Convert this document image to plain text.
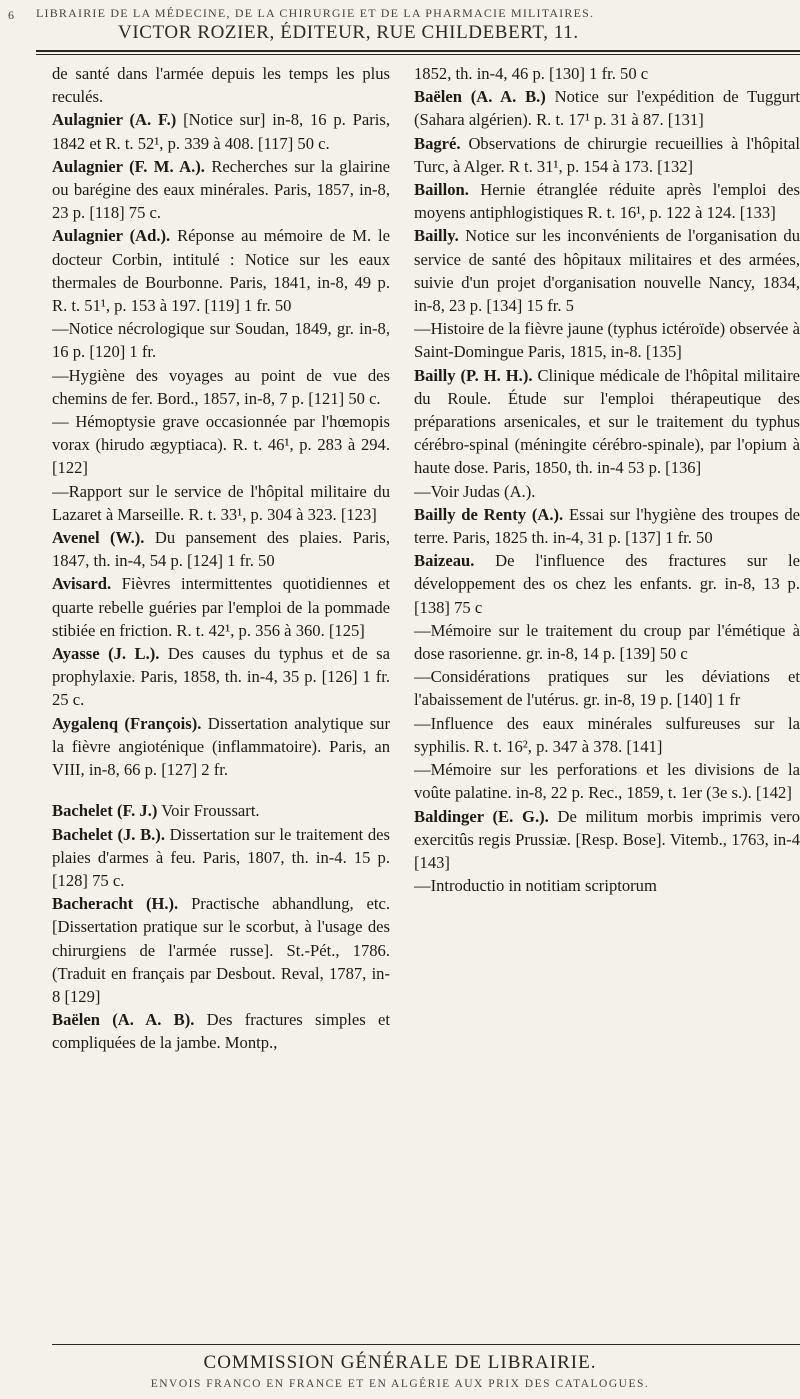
6 LIBRAIRIE DE LA MÉDECINE, DE LA CHIRURGIE ET DE LA PHARMACIE MILITAIRES.
VICTOR ROZIER, ÉDITEUR, RUE CHILDEBERT, 11.

de santé dans l'armée depuis les temps les plus reculés.

Aulagnier (A. F.) [Notice sur] in-8, 16 p. Paris, 1842 et R. t. 52¹, p. 339 à 408. [117] 50 c.

Aulagnier (F. M. A.). Recherches sur la glairine ou barégine des eaux minérales. Paris, 1857, in-8, 23 p. [118] 75 c.

Aulagnier (Ad.). Réponse au mémoire de M. le docteur Corbin, intitulé : Notice sur les eaux thermales de Bourbonne. Paris, 1841, in-8, 49 p. R. t. 51¹, p. 153 à 197. [119] 1 fr. 50

—Notice nécrologique sur Soudan, 1849, gr. in-8, 16 p. [120] 1 fr.

—Hygiène des voyages au point de vue des chemins de fer. Bord., 1857, in-8, 7 p. [121] 50 c.

— Hémoptysie grave occasionnée par l'hœmopis vorax (hirudo ægyptiaca). R. t. 46¹, p. 283 à 294. [122]

—Rapport sur le service de l'hôpital militaire du Lazaret à Marseille. R. t. 33¹, p. 304 à 323. [123]

Avenel (W.). Du pansement des plaies. Paris, 1847, th. in-4, 54 p. [124] 1 fr. 50

Avisard. Fièvres intermittentes quotidiennes et quarte rebelle guéries par l'emploi de la pommade stibiée en friction. R. t. 42¹, p. 356 à 360. [125]

Ayasse (J. L.). Des causes du typhus et de sa prophylaxie. Paris, 1858, th. in-4, 35 p. [126] 1 fr. 25 c.

Aygalenq (François). Dissertation analytique sur la fièvre angioténique (inflammatoire). Paris, an VIII, in-8, 66 p. [127] 2 fr.

Bachelet (F. J.) Voir Froussart.

Bachelet (J. B.). Dissertation sur le traitement des plaies d'armes à feu. Paris, 1807, th. in-4. 15 p. [128] 75 c.

Bacheracht (H.). Practische abhandlung, etc. [Dissertation pratique sur le scorbut, à l'usage des chirurgiens de l'armée russe]. St.-Pét., 1786. (Traduit en français par Desbout. Reval, 1787, in-8 [129]

Baëlen (A. A. B). Des fractures simples et compliquées de la jambe. Montp.,

1852, th. in-4, 46 p. [130] 1 fr. 50 c

Baëlen (A. A. B.) Notice sur l'expédition de Tuggurt (Sahara algérien). R. t. 17¹ p. 31 à 87. [131]

Bagré. Observations de chirurgie recueillies à l'hôpital Turc, à Alger. R t. 31¹, p. 154 à 173. [132]

Baillon. Hernie étranglée réduite après l'emploi des moyens antiphlogistiques R. t. 16¹, p. 122 à 124. [133]

Bailly. Notice sur les inconvénients de l'organisation du service de santé des hôpitaux militaires et des armées, suivie d'un projet d'organisation nouvelle Nancy, 1834, in-8, 23 p. [134] 15 fr. 5

—Histoire de la fièvre jaune (typhus ictéroïde) observée à Saint-Domingue Paris, 1815, in-8. [135]

Bailly (P. H. H.). Clinique médicale de l'hôpital militaire du Roule. Étude sur l'emploi thérapeutique des préparations arsenicales, et sur le traitement du typhus cérébro-spinal (méningite cérébro-spinale), par l'opium à haute dose. Paris, 1850, th. in-4 53 p. [136]

—Voir Judas (A.).

Bailly de Renty (A.). Essai sur l'hygiène des troupes de terre. Paris, 1825 th. in-4, 31 p. [137] 1 fr. 50

Baizeau. De l'influence des fractures sur le développement des os chez les enfants. gr. in-8, 13 p. [138] 75 c

—Mémoire sur le traitement du croup par l'émétique à dose rasorienne. gr. in-8, 14 p. [139] 50 c

—Considérations pratiques sur les déviations et l'abaissement de l'utérus. gr. in-8, 19 p. [140] 1 fr

—Influence des eaux minérales sulfureuses sur la syphilis. R. t. 16², p. 347 à 378. [141]

—Mémoire sur les perforations et les divisions de la voûte palatine. in-8, 22 p. Rec., 1859, t. 1er (3e s.). [142]

Baldinger (E. G.). De militum morbis imprimis vero exercitûs regis Prussiæ. [Resp. Bose]. Vitemb., 1763, in-4 [143]

—Introductio in notitiam scriptorum

COMMISSION GÉNÉRALE DE LIBRAIRIE.
ENVOIS FRANCO EN FRANCE ET EN ALGÉRIE AUX PRIX DES CATALOGUES.
